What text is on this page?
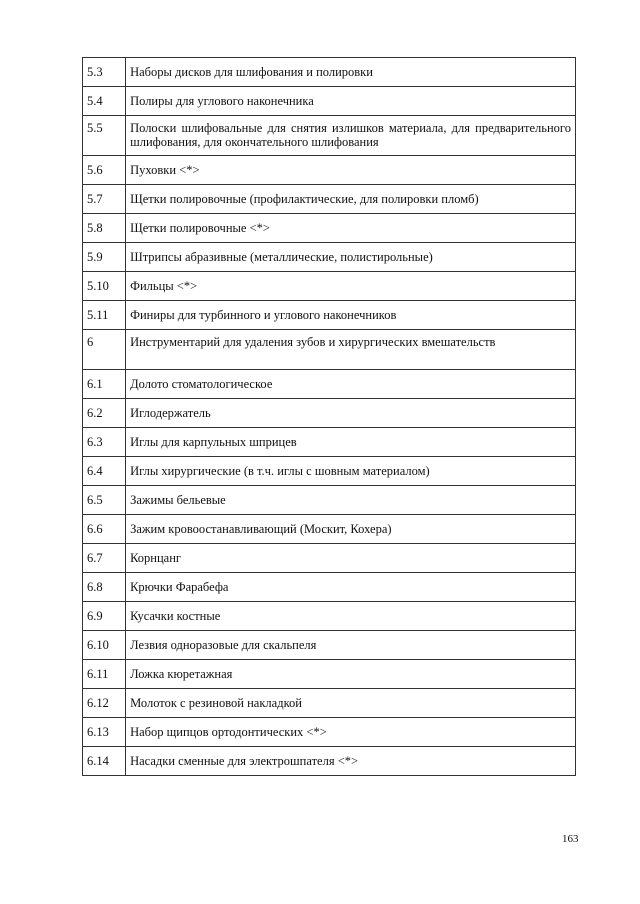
5.3	Наборы дисков для шлифования и полировки
5.4	Полиры для углового наконечника
5.5	Полоски шлифовальные для снятия излишков материала, для предварительного шлифования, для окончательного шлифования
5.6	Пуховки <*>
5.7	Щетки полировочные (профилактические, для полировки пломб)
5.8	Щетки полировочные <*>
5.9	Штрипсы абразивные (металлические, полистирольные)
5.10	Фильцы <*>
5.11	Финиры для турбинного и углового наконечников
6	Инструментарий для удаления зубов и хирургических вмешательств
6.1	Долото стоматологическое
6.2	Иглодержатель
6.3	Иглы для карпульных шприцев
6.4	Иглы хирургические (в т.ч. иглы с шовным материалом)
6.5	Зажимы бельевые
6.6	Зажим кровоостанавливающий (Москит, Кохера)
6.7	Корнцанг
6.8	Крючки Фарабефа
6.9	Кусачки костные
6.10	Лезвия одноразовые для скальпеля
6.11	Ложка кюретажная
6.12	Молоток с резиновой накладкой
6.13	Набор щипцов ортодонтических <*>
6.14	Насадки сменные для электрошпателя <*>
163
